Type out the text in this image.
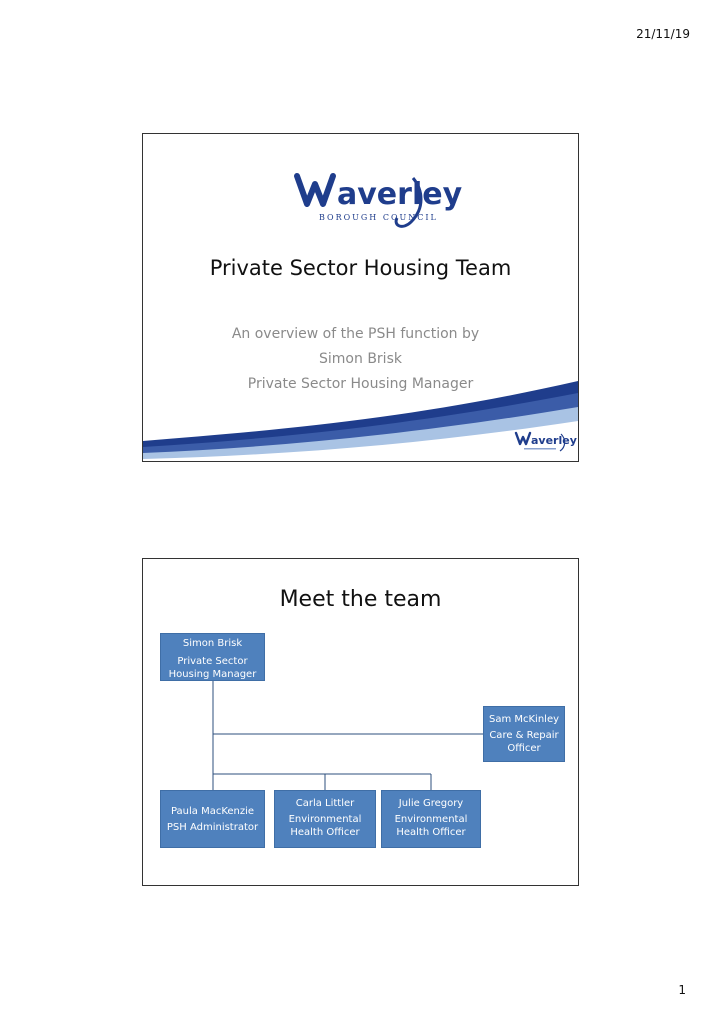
21/11/19
averley
BOROUGH COUNCIL
Private Sector Housing Team
An overview of the PSH function by
Simon Brisk
Private Sector Housing Manager
averley
Meet the team
Simon Brisk
Private Sector Housing Manager
Sam McKinley
Care & Repair Officer
Paula MacKenzie
PSH Administrator
Carla Littler
Environmental Health Officer
Julie Gregory
Environmental Health Officer
1
